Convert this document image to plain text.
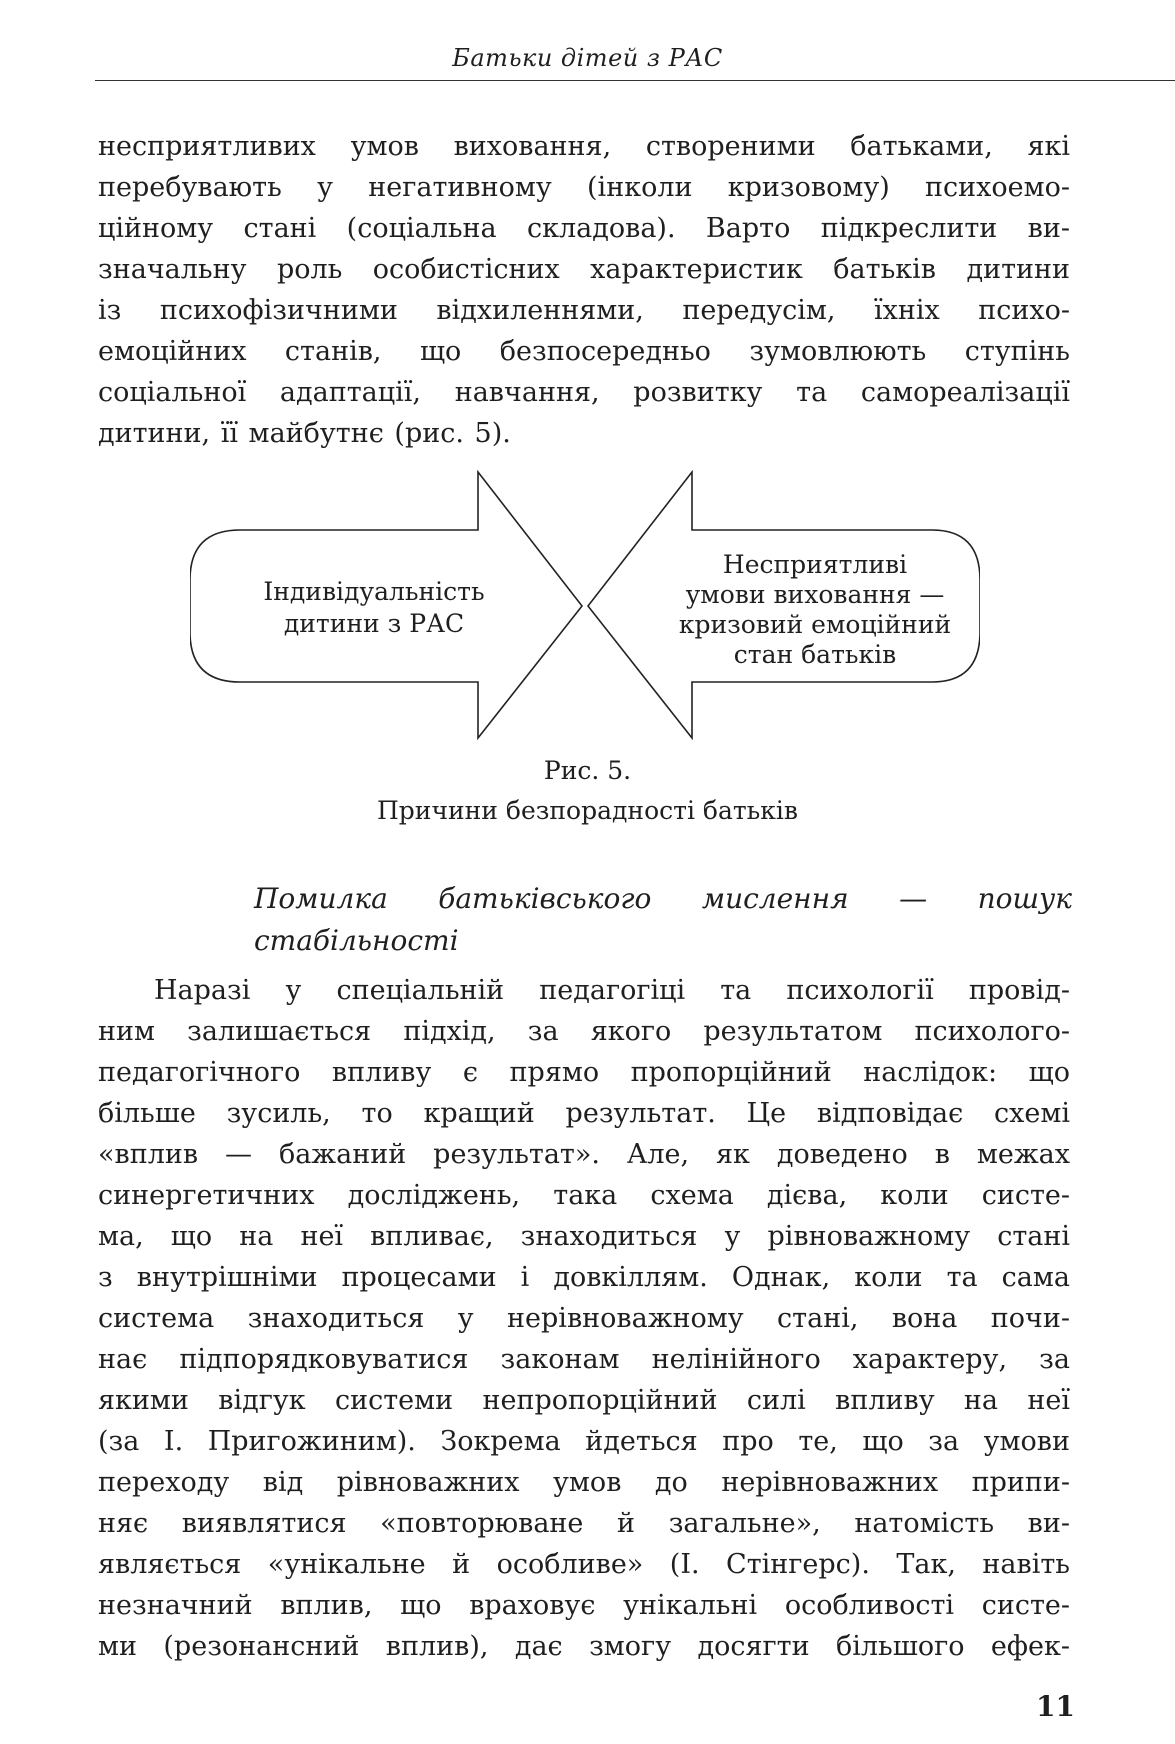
Батьки дітей з РАС
несприятливих умов виховання, створеними батьками, які
перебувають у негативному (інколи кризовому) психоемо-
ційному стані (соціальна складова). Варто підкреслити ви-
значальну роль особистісних характеристик батьків дитини
із психофізичними відхиленнями, передусім, їхніх психо-
емоційних станів, що безпосередньо зумовлюють ступінь
соціальної адаптації, навчання, розвитку та самореалізації
дитини, її майбутнє (рис. 5).
Індивідуальність
дитини з РАС
Несприятливі
умови виховання —
кризовий емоційний
стан батьків
Рис. 5.
Причини безпорадності батьків
Помилка батьківського мислення — пошук
стабільності
Наразі у спеціальній педагогіці та психології провід-
ним залишається підхід, за якого результатом психолого-
педагогічного впливу є прямо пропорційний наслідок: що
більше зусиль, то кращий результат. Це відповідає схемі
«вплив — бажаний результат». Але, як доведено в межах
синергетичних досліджень, така схема дієва, коли систе-
ма, що на неї впливає, знаходиться у рівноважному стані
з внутрішніми процесами і довкіллям. Однак, коли та сама
система знаходиться у нерівноважному стані, вона почи-
нає підпорядковуватися законам нелінійного характеру, за
якими відгук системи непропорційний силі впливу на неї
(за І. Пригожиним). Зокрема йдеться про те, що за умови
переходу від рівноважних умов до нерівноважних припи-
няє виявлятися «повторюване й загальне», натомість ви-
являється «унікальне й особливе» (І. Стінгерс). Так, навіть
незначний вплив, що враховує унікальні особливості систе-
ми (резонансний вплив), дає змогу досягти більшого ефек-
11
